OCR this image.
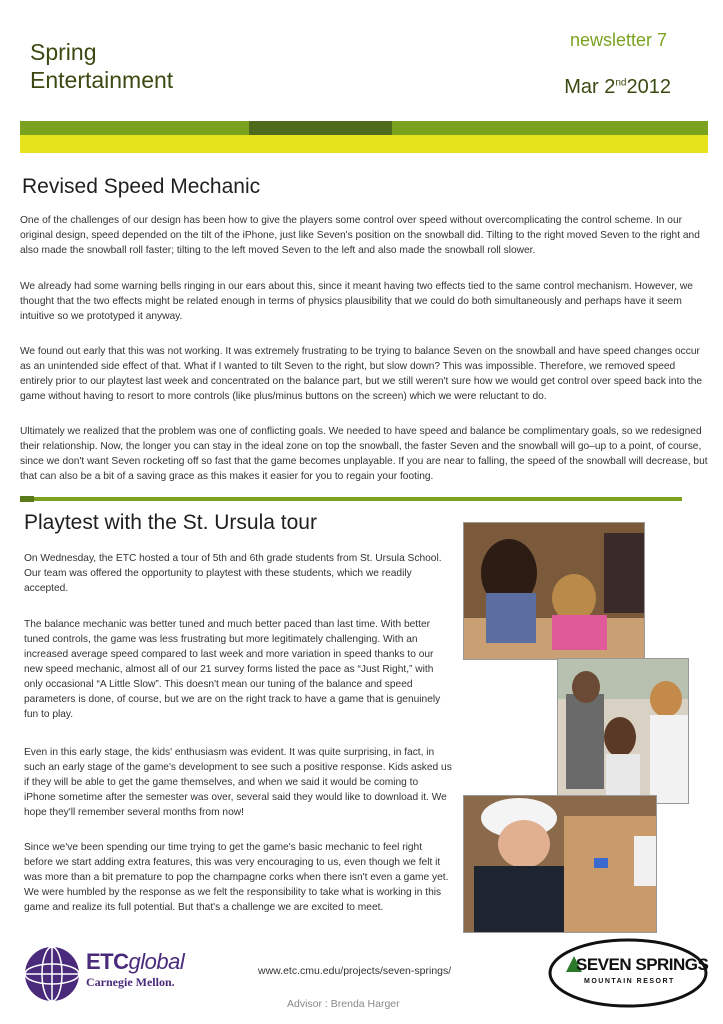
Spring
Entertainment
newsletter 7
Mar 2nd2012
Revised Speed Mechanic

One of the challenges of our design has been how to give the players some control over speed without overcomplicating the control scheme. In our original design, speed depended on the tilt of the iPhone, just like Seven's position on the snowball did. Tilting to the right moved Seven to the right and also made the snowball roll faster; tilting to the left moved Seven to the left and also made the snowball roll slower.

We already had some warning bells ringing in our ears about this, since it meant having two effects tied to the same control mechanism. However, we thought that the two effects might be related enough in terms of physics plausibility that we could do both simultaneously and perhaps have it seem intuitive so we prototyped it anyway.

We found out early that this was not working. It was extremely frustrating to be trying to balance Seven on the snowball and have speed changes occur as an unintended side effect of that. What if I wanted to tilt Seven to the right, but slow down? This was impossible. Therefore, we removed speed entirely prior to our playtest last week and concentrated on the balance part, but we still weren't sure how we would get control over speed back into the game without having to resort to more controls (like plus/minus buttons on the screen) which we were reluctant to do.

Ultimately we realized that the problem was one of conflicting goals. We needed to have speed and balance be complimentary goals, so we redesigned their relationship. Now, the longer you can stay in the ideal zone on top the snowball, the faster Seven and the snowball will go–up to a point, of course, since we don't want Seven rocketing off so fast that the game becomes unplayable. If you are near to falling, the speed of the snowball will decrease, but that can also be a bit of a saving grace as this makes it easier for you to regain your footing.

Playtest with the St. Ursula tour

On Wednesday, the ETC hosted a tour of 5th and 6th grade students from St. Ursula School. Our team was offered the opportunity to playtest with these students, which we readily accepted.

The balance mechanic was better tuned and much better paced than last time. With better tuned controls, the game was less frustrating but more legitimately challenging. With an increased average speed compared to last week and more variation in speed thanks to our new speed mechanic, almost all of our 21 survey forms listed the pace as “Just Right,” with only occasional “A Little Slow”. This doesn't mean our tuning of the balance and speed parameters is done, of course, but we are on the right track to have a game that is genuinely fun to play.

Even in this early stage, the kids' enthusiasm was evident. It was quite surprising, in fact, in such an early stage of the game's development to see such a positive response. Kids asked us if they will be able to get the game themselves, and when we said it would be coming to iPhone sometime after the semester was over, several said they would like to download it. We hope they'll remember several months from now!

Since we've been spending our time trying to get the game's basic mechanic to feel right before we start adding extra features, this was very encouraging to us, even though we felt it was more than a bit premature to pop the champagne corks when there isn't even a game yet. We were humbled by the response as we felt the responsibility to take what is working in this game and realize its full potential. But that's a challenge we are excited to meet.

ETCglobal
Carnegie Mellon.
www.etc.cmu.edu/projects/seven-springs/
Advisor : Brenda Harger
SEVEN SPRINGS
MOUNTAIN RESORT
